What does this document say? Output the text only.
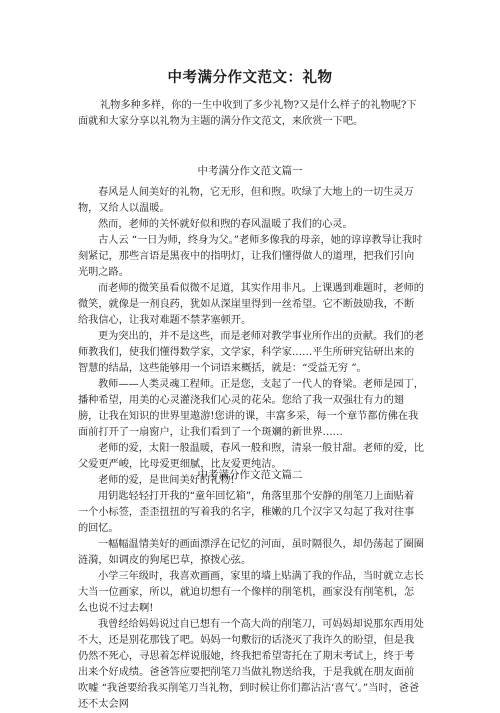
中考满分作文范文：礼物

礼物多种多样，你的一生中收到了多少礼物?又是什么样子的礼物呢?下面就和大家分享以礼物为主题的满分作文范文，来欣赏一下吧。

中考满分作文范文篇一

春风是人间美好的礼物，它无形，但和煦。吹绿了大地上的一切生灵万物，又给人以温暖。

然而，老师的关怀就好似和煦的春风温暖了我们的心灵。

古人云 “一日为师，终身为父。”老师多像我的母亲，她的谆谆教导让我时刻紧记，那些言语是黑夜中的指明灯，让我们懂得做人的道理，把我们引向光明之路。

而老师的微笑虽看似微不足道，其实作用非凡。上课遇到难题时，老师的微笑，就像是一剂良药，犹如从深崖里得到一丝希望。它不断鼓励我，不断给我信心，让我对难题不禁茅塞顿开。

更为突出的，并不是这些，而是老师对教学事业所作出的贡献。我们的老师教我们，使我们懂得数学家，文学家，科学家……平生所研究钻研出来的智慧的结晶，这些能够用一个词语来概括，就是：“受益无穷 ”。

教师——人类灵魂工程师。正是您，支起了一代人的脊梁。老师是园丁，播种希望，用美的心灵灌浇我们心灵的花朵。您给了我一双强壮有力的翅膀，让我在知识的世界里遨游!您讲的课，丰富多采，每一个章节都仿佛在我面前打开了一扇窗户，让我们看到了一个斑斓的新世界……

老师的爱，太阳一般温暖，春风一般和煦，清泉一般甘甜。老师的爱，比父爱更严峻，比母爱更细腻，比友爱更纯洁。

老师的爱，是世间美好的礼物!

中考满分作文范文篇二

用钥匙轻轻打开我的“童年回忆箱”，角落里那个安静的削笔刀上面贴着一个小标签，歪歪扭扭的写着我的名字，稚嫩的几个汉字又勾起了我对往事的回忆。

一幅幅温情美好的画面漂浮在记忆的河面，虽时隔很久，却仍荡起了圈圈涟漪，如调皮的狗尾巴草，撩拨心弦。

小学三年级时，我喜欢画画，家里的墙上贴满了我的作品，当时就立志长大当一位画家，所以，就迫切想有一个像样的削笔机，画家没有削笔机，怎么也说不过去啊!

我曾经给妈妈说过自已想有一个高大尚的削笔刀，可妈妈却说那东西用处不大，还是别花那钱了吧。妈妈一句敷衍的话浇灭了我许久的盼望，但是我仍然不死心，寻思着怎样说服她，终我把希望寄托在了期末考试上，终于考出来个好成绩。爸爸答应要把削笔刀当做礼物送给我，于是我就在朋友面前吹嘘 “我爸要给我买削笔刀当礼物，到时候让你们都沾沾‘喜气’。”当时，爸爸还不太会网
